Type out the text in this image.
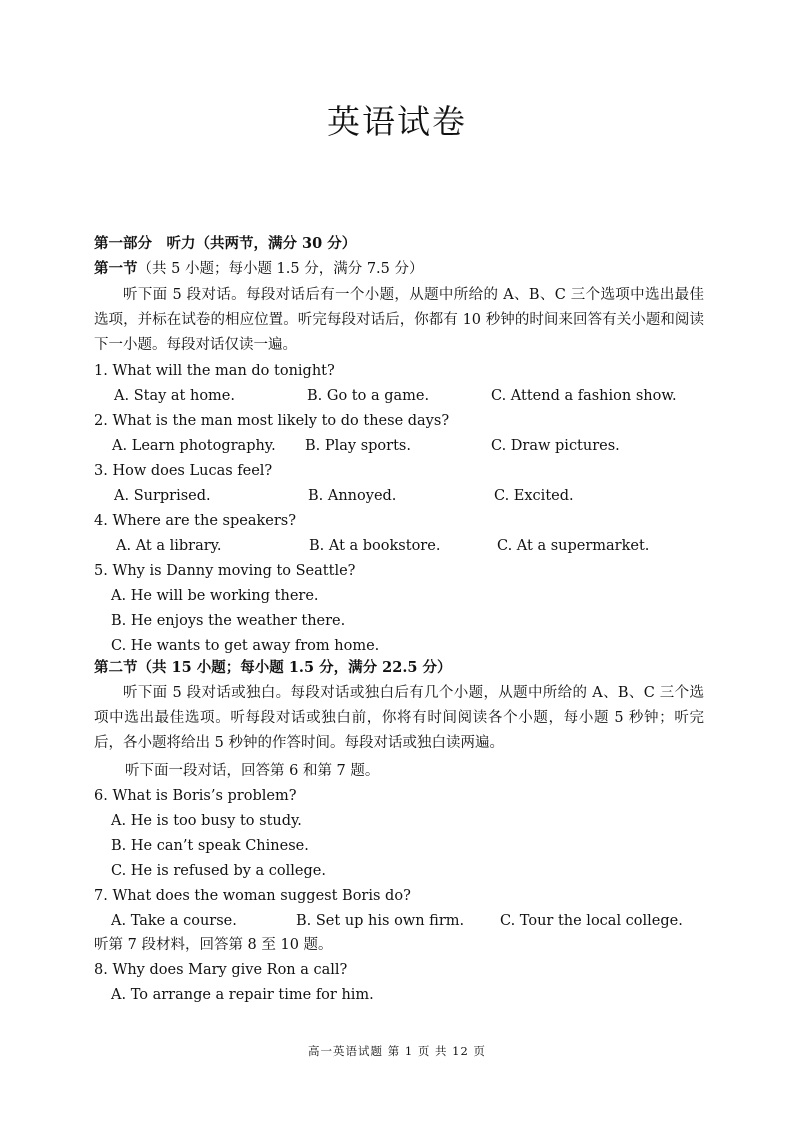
英语试卷
第一部分　听力（共两节，满分 30 分）
第一节（共 5 小题；每小题 1.5 分，满分 7.5 分）
听下面 5 段对话。每段对话后有一个小题，从题中所给的 A、B、C 三个选项中选出最佳选项，并标在试卷的相应位置。听完每段对话后，你都有 10 秒钟的时间来回答有关小题和阅读下一小题。每段对话仅读一遍。
1. What will the man do tonight?
A. Stay at home.	B. Go to a game.	C. Attend a fashion show.
2. What is the man most likely to do these days?
A. Learn photography. B. Play sports.	C. Draw pictures.
3. How does Lucas feel?
A. Surprised.	B. Annoyed.	C. Excited.
4. Where are the speakers?
A. At a library.	B. At a bookstore.	C. At a supermarket.
5. Why is Danny moving to Seattle?
A. He will be working there.
B. He enjoys the weather there.
C. He wants to get away from home.
第二节（共 15 小题；每小题 1.5 分，满分 22.5 分）
听下面 5 段对话或独白。每段对话或独白后有几个小题，从题中所给的 A、B、C 三个选项中选出最佳选项。听每段对话或独白前，你将有时间阅读各个小题，每小题 5 秒钟；听完后，各小题将给出 5 秒钟的作答时间。每段对话或独白读两遍。
听下面一段对话，回答第 6 和第 7 题。
6. What is Boris’s problem?
A. He is too busy to study.
B. He can’t speak Chinese.
C. He is refused by a college.
7. What does the woman suggest Boris do?
A. Take a course.	B. Set up his own firm. C. Tour the local college.
听第 7 段材料，回答第 8 至 10 题。
8. Why does Mary give Ron a call?
A. To arrange a repair time for him.
高一英语试题 第 1 页 共 12 页
